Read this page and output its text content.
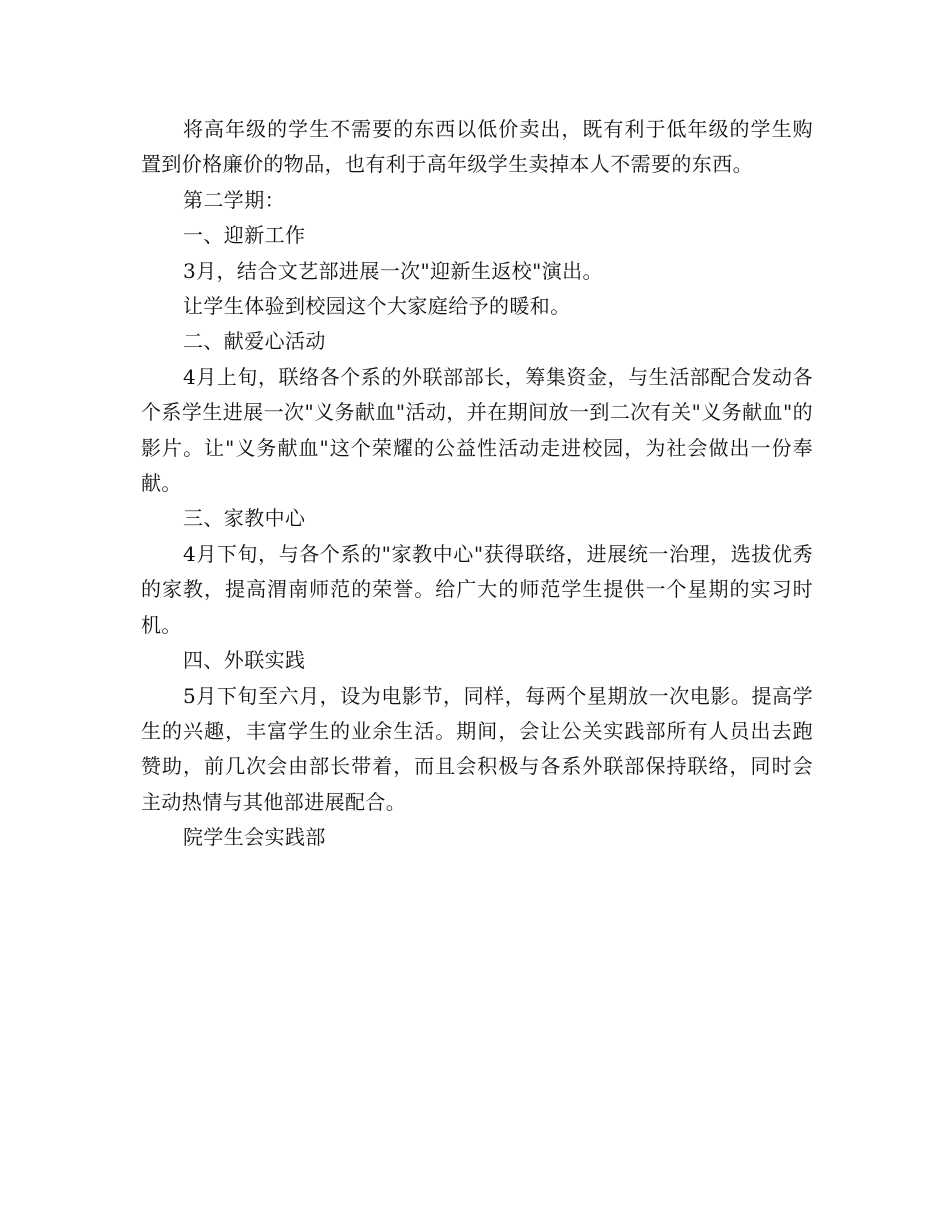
将高年级的学生不需要的东西以低价卖出，既有利于低年级的学生购置到价格廉价的物品，也有利于高年级学生卖掉本人不需要的东西。

第二学期：

一、迎新工作

3月，结合文艺部进展一次"迎新生返校"演出。

让学生体验到校园这个大家庭给予的暖和。

二、献爱心活动

4月上旬，联络各个系的外联部部长，筹集资金，与生活部配合发动各个系学生进展一次"义务献血"活动，并在期间放一到二次有关"义务献血"的影片。让"义务献血"这个荣耀的公益性活动走进校园，为社会做出一份奉献。

三、家教中心

4月下旬，与各个系的"家教中心"获得联络，进展统一治理，选拔优秀的家教，提高渭南师范的荣誉。给广大的师范学生提供一个星期的实习时机。

四、外联实践

5月下旬至六月，设为电影节，同样，每两个星期放一次电影。提高学生的兴趣，丰富学生的业余生活。期间，会让公关实践部所有人员出去跑赞助，前几次会由部长带着，而且会积极与各系外联部保持联络，同时会主动热情与其他部进展配合。

院学生会实践部
